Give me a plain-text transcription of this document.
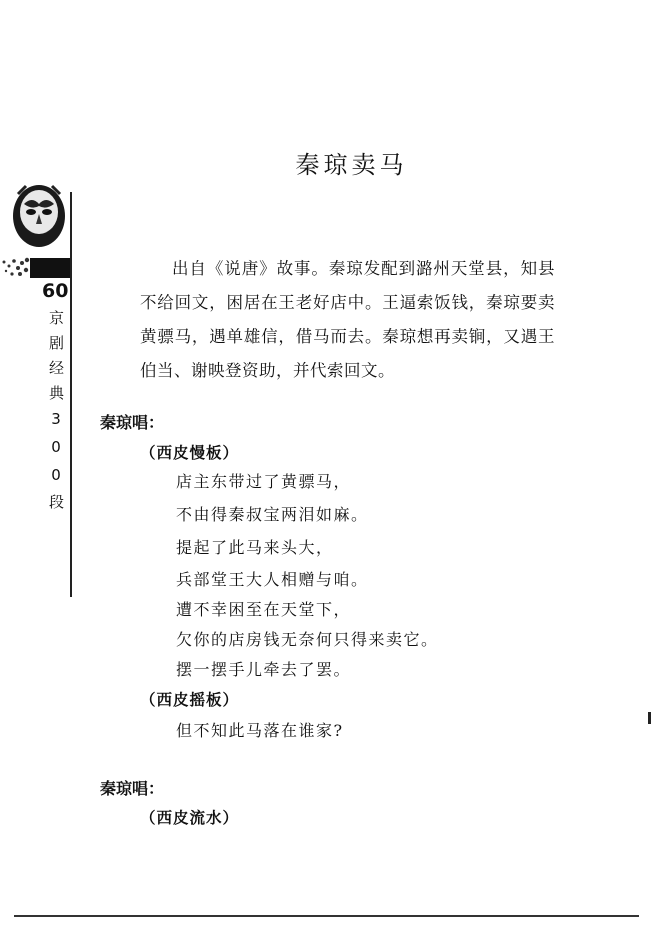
60
京剧经典300段
秦琼卖马
出自《说唐》故事。秦琼发配到潞州天堂县，知县不给回文，困居在王老好店中。王逼索饭钱，秦琼要卖黄骠马，遇单雄信，借马而去。秦琼想再卖锏，又遇王伯当、谢映登资助，并代索回文。
秦琼唱：
（西皮慢板）
店主东带过了黄骠马，
不由得秦叔宝两泪如麻。
提起了此马来头大，
兵部堂王大人相赠与咱。
遭不幸困至在天堂下，
欠你的店房钱无奈何只得来卖它。
摆一摆手儿牵去了罢。
（西皮摇板）
但不知此马落在谁家?
秦琼唱：
（西皮流水）
